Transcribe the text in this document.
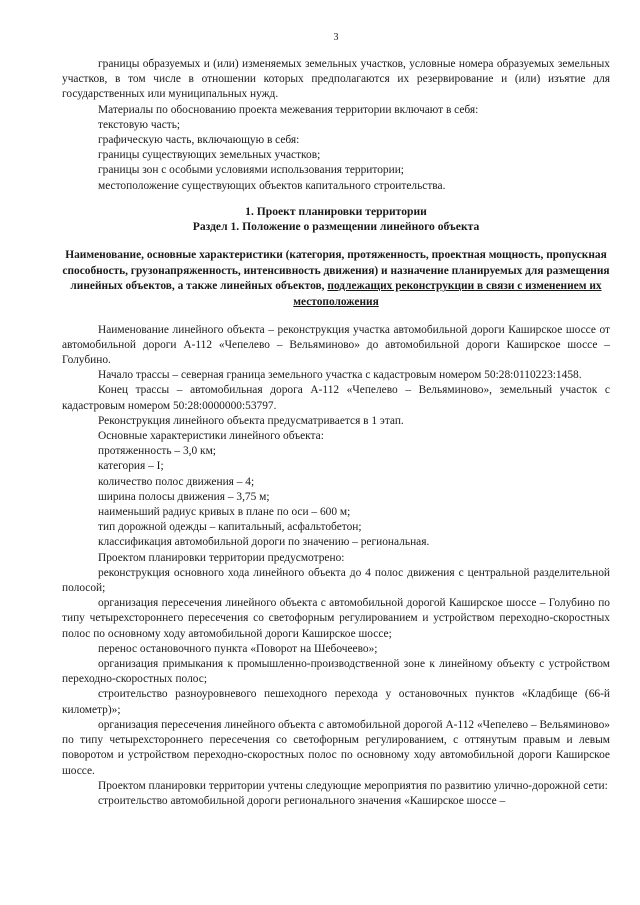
3

границы образуемых и (или) изменяемых земельных участков, условные номера образуемых земельных участков, в том числе в отношении которых предполагаются их резервирование и (или) изъятие для государственных или муниципальных нужд.

Материалы по обоснованию проекта межевания территории включают в себя:

текстовую часть;

графическую часть, включающую в себя:

границы существующих земельных участков;

границы зон с особыми условиями использования территории;

местоположение существующих объектов капитального строительства.

1. Проект планировки территории
Раздел 1. Положение о размещении линейного объекта
Наименование, основные характеристики (категория, протяженность, проектная мощность, пропускная способность, грузонапряженность, интенсивность движения) и назначение планируемых для размещения линейных объектов, а также линейных объектов, подлежащих реконструкции в связи с изменением их местоположения

Наименование линейного объекта – реконструкция участка автомобильной дороги Каширское шоссе от автомобильной дороги А-112 «Чепелево – Вельяминово» до автомобильной дороги Каширское шоссе – Голубино.

Начало трассы – северная граница земельного участка с кадастровым номером 50:28:0110223:1458.

Конец трассы – автомобильная дорога А-112 «Чепелево – Вельяминово», земельный участок с кадастровым номером 50:28:0000000:53797.

Реконструкция линейного объекта предусматривается в 1 этап.

Основные характеристики линейного объекта:

протяженность – 3,0 км;

категория – I;

количество полос движения – 4;

ширина полосы движения – 3,75 м;

наименьший радиус кривых в плане по оси – 600 м;

тип дорожной одежды – капитальный, асфальтобетон;

классификация автомобильной дороги по значению – региональная.

Проектом планировки территории предусмотрено:

реконструкция основного хода линейного объекта до 4 полос движения с центральной разделительной полосой;

организация пересечения линейного объекта с автомобильной дорогой Каширское шоссе – Голубино по типу четырехстороннего пересечения со светофорным регулированием и устройством переходно-скоростных полос по основному ходу автомобильной дороги Каширское шоссе;

перенос остановочного пункта «Поворот на Шебочеево»;

организация примыкания к промышленно-производственной зоне к линейному объекту с устройством переходно-скоростных полос;

строительство разноуровневого пешеходного перехода у остановочных пунктов «Кладбище (66-й километр)»;

организация пересечения линейного объекта с автомобильной дорогой А-112 «Чепелево – Вельяминово» по типу четырехстороннего пересечения со светофорным регулированием, с оттянутым правым и левым поворотом и устройством переходно-скоростных полос по основному ходу автомобильной дороги Каширское шоссе.

Проектом планировки территории учтены следующие мероприятия по развитию улично-дорожной сети:

строительство автомобильной дороги регионального значения «Каширское шоссе –
